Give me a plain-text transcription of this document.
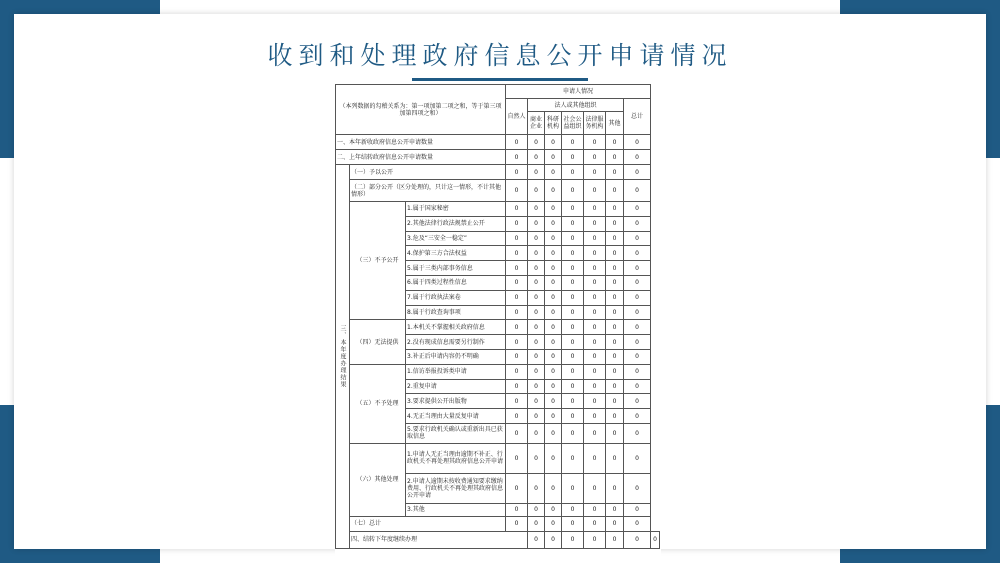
收到和处理政府信息公开申请情况
（本列数据的勾稽关系为：第一项加第二项之和，等于第三项加第四项之和）			申请人情况							
			自然人	法人或其他组织					总计	
				商业企业	科研机构	社会公益组织	法律服务机构	其他		

一、本年新收政府信息公开申请数量			0	0	0	0	0	0	0	
二、上年结转政府信息公开申请数量			0	0	0	0	0	0	0	
三、本年度办理结果	（一）予以公开		0	0	0	0	0	0	0	
	（二）部分公开（区分处理的，只计这一情形，不计其他情形）		0	0	0	0	0	0	0	
	（三）不予公开	1.属于国家秘密	0	0	0	0	0	0	0	
		2.其他法律行政法规禁止公开	0	0	0	0	0	0	0	
		3.危及“三安全一稳定”	0	0	0	0	0	0	0	
		4.保护第三方合法权益	0	0	0	0	0	0	0	
		5.属于三类内部事务信息	0	0	0	0	0	0	0	
		6.属于四类过程性信息	0	0	0	0	0	0	0	
		7.属于行政执法案卷	0	0	0	0	0	0	0	
		8.属于行政查询事项	0	0	0	0	0	0	0	
	（四）无法提供	1.本机关不掌握相关政府信息	0	0	0	0	0	0	0	
		2.没有现成信息需要另行制作	0	0	0	0	0	0	0	
		3.补正后申请内容仍不明确	0	0	0	0	0	0	0	
	（五）不予处理	1.信访举报投诉类申请	0	0	0	0	0	0	0	
		2.重复申请	0	0	0	0	0	0	0	
		3.要求提供公开出版物	0	0	0	0	0	0	0	
		4.无正当理由大量反复申请	0	0	0	0	0	0	0	
		5.要求行政机关确认或重新出具已获取信息	0	0	0	0	0	0	0	
	（六）其他处理	1.申请人无正当理由逾期不补正、行政机关不再处理其政府信息公开申请	0	0	0	0	0	0	0	
		2.申请人逾期未按收费通知要求缴纳费用、行政机关不再处理其政府信息公开申请	0	0	0	0	0	0	0	
		3.其他	0	0	0	0	0	0	0	
	（七）总计		0	0	0	0	0	0	0	
	四、结转下年度继续办理			0	0	0	0	0	0	0
